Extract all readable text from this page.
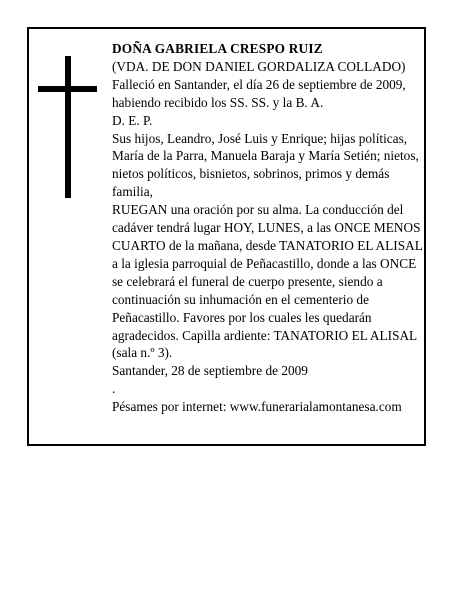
DOÑA GABRIELA CRESPO RUIZ

(VDA. DE DON DANIEL GORDALIZA COLLADO)

Falleció en Santander, el día 26 de septiembre de 2009, habiendo recibido los SS. SS. y la B. A.

D. E. P.

Sus hijos, Leandro, José Luis y Enrique; hijas políticas, María de la Parra, Manuela Baraja y María Setién; nietos, nietos políticos, bisnietos, sobrinos, primos y demás familia,

RUEGAN una oración por su alma. La conducción del cadáver tendrá lugar HOY, LUNES, a las ONCE MENOS CUARTO de la mañana, desde TANATORIO EL ALISAL a la iglesia parroquial de Peñacastillo, donde a las ONCE se celebrará el funeral de cuerpo presente, siendo a continuación su inhumación en el cementerio de Peñacastillo. Favores por los cuales les quedarán agradecidos. Capilla ardiente: TANATORIO EL ALISAL (sala n.º 3).

Santander, 28 de septiembre de 2009

.

Pésames por internet: www.funerarialamontanesa.com
